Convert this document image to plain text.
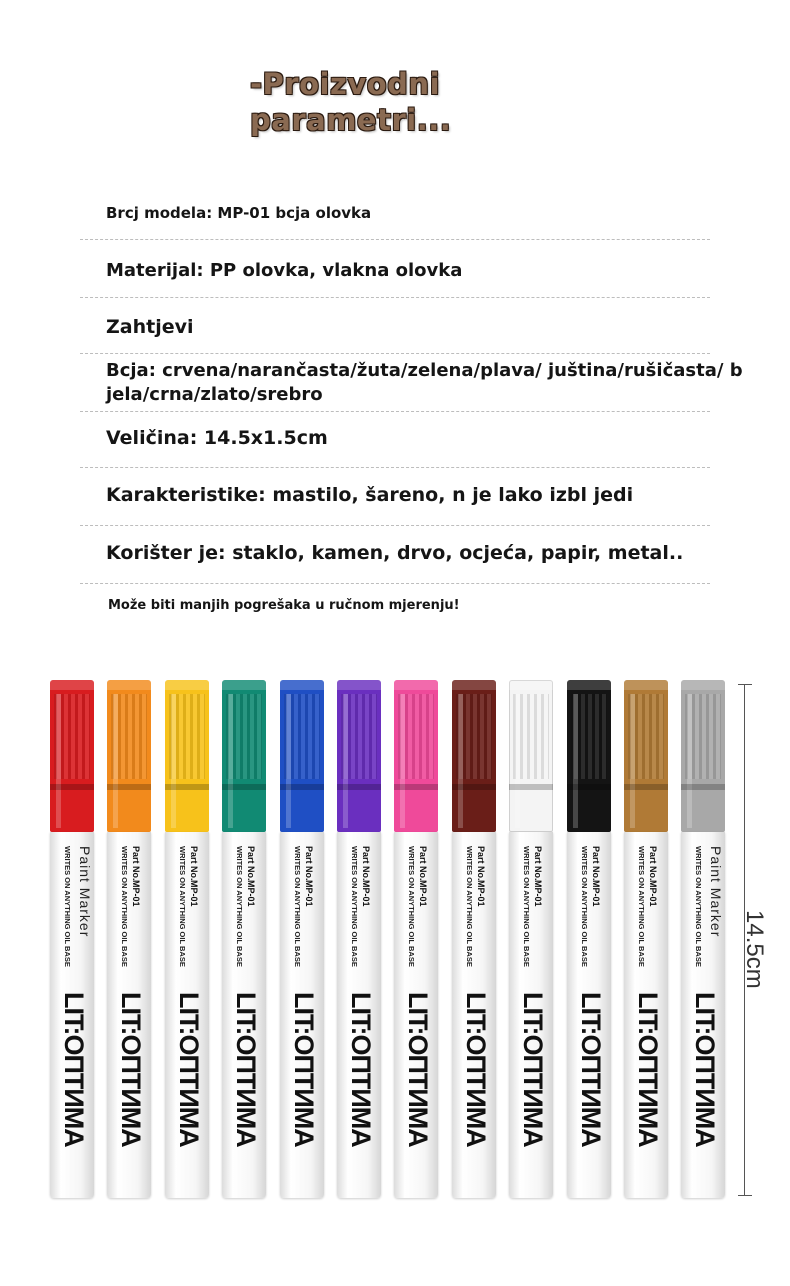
-Proizvodni
parametri...
Brcj modela: MP-01 bcja olovka
Materijal: PP olovka, vlakna olovka
Zahtjevi
Bcja: crvena/narančasta/žuta/zelena/plava/ juština/rušičasta/ b jela/crna/zlato/srebro
Veličina: 14.5x1.5cm
Karakteristike: mastilo, šareno, n je lako izbl jedi
Korišter je: staklo, kamen, drvo, ocjeća, papir, metal..
Može biti manjih pogrešaka u ručnom mjerenju!
Paint Marker
WRITES ON ANYTHING OIL BASE
LIT:OПTИMA
Part No.
MP-01
WRITES ON ANYTHING OIL BASE
LIT:OПTИMA
Part No.
MP-01
WRITES ON ANYTHING OIL BASE
LIT:OПTИMA
Part No.
MP-01
WRITES ON ANYTHING OIL BASE
LIT:OПTИMA
Part No.
MP-01
WRITES ON ANYTHING OIL BASE
LIT:OПTИMA
Part No.
MP-01
WRITES ON ANYTHING OIL BASE
LIT:OПTИMA
Part No.
MP-01
WRITES ON ANYTHING OIL BASE
LIT:OПTИMA
Part No.
MP-01
WRITES ON ANYTHING OIL BASE
LIT:OПTИMA
Part No.
MP-01
WRITES ON ANYTHING OIL BASE
LIT:OПTИMA
Part No.
MP-01
WRITES ON ANYTHING OIL BASE
LIT:OПTИMA
Part No.
MP-01
WRITES ON ANYTHING OIL BASE
LIT:OПTИMA
Paint Marker
WRITES ON ANYTHING OIL BASE
LIT:OПTИMA
14.5cm
